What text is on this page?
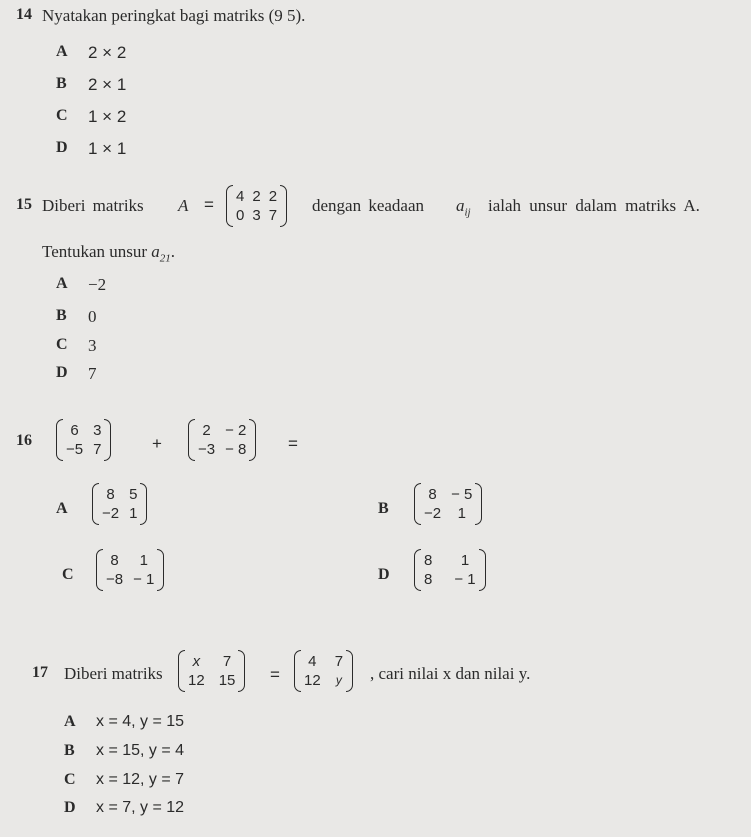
14 Nyatakan peringkat bagi matriks (9 5).
A 2 × 2
B 2 × 1
C 1 × 2
D 1 × 1
15 Diberi matriks A = 4 2 2
0 3 7
dengan keadaan $a_{ij}$ ialah unsur dalam matriks A.
Tentukan unsur $a_{21}$.
A −2
B 0
C 3
D 7
16
6 3
−5 7	+
2 − 2
−3 − 8 =
A
8 5
−2 1	B
8 − 5
−2	1
C
8	1
−8 − 1	D
8	1
8 − 1
17 Diberi matriks
x	7
12 15 =
4 7
12 y , cari nilai x dan nilai y.
A x = 4, y = 15
B x = 15, y = 4
C x = 12, y = 7
D x = 7, y = 12
